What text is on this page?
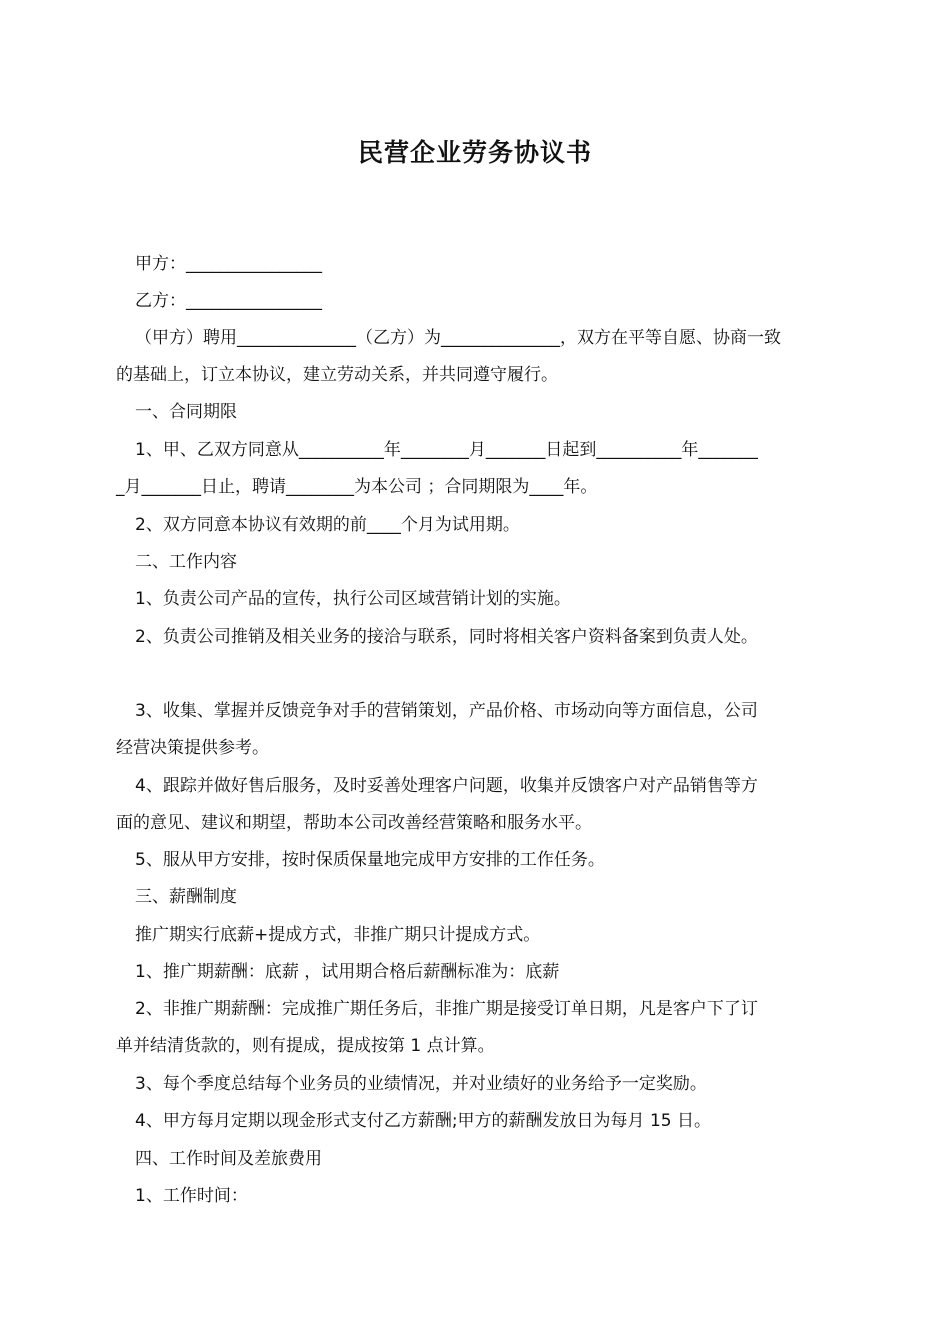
民营企业劳务协议书
甲方：________________
乙方：________________
（甲方）聘用______________（乙方）为______________，双方在平等自愿、协商一致
的基础上，订立本协议，建立劳动关系，并共同遵守履行。
一、合同期限
1、甲、乙双方同意从__________年________月_______日起到__________年_______
_月_______日止，聘请________为本公司 ；合同期限为____年。
2、双方同意本协议有效期的前____个月为试用期。
二、工作内容
1、负责公司产品的宣传，执行公司区域营销计划的实施。
2、负责公司推销及相关业务的接洽与联系，同时将相关客户资料备案到负责人处。
3、收集、掌握并反馈竞争对手的营销策划，产品价格、市场动向等方面信息，公司
经营决策提供参考。
4、跟踪并做好售后服务，及时妥善处理客户问题，收集并反馈客户对产品销售等方
面的意见、建议和期望，帮助本公司改善经营策略和服务水平。
5、服从甲方安排，按时保质保量地完成甲方安排的工作任务。
三、薪酬制度
推广期实行底薪+提成方式，非推广期只计提成方式。
1、推广期薪酬：底薪 ，试用期合格后薪酬标准为：底薪
2、非推广期薪酬：完成推广期任务后，非推广期是接受订单日期，凡是客户下了订
单并结清货款的，则有提成，提成按第 1 点计算。
3、每个季度总结每个业务员的业绩情况，并对业绩好的业务给予一定奖励。
4、甲方每月定期以现金形式支付乙方薪酬;甲方的薪酬发放日为每月 15 日。
四、工作时间及差旅费用
1、工作时间：
